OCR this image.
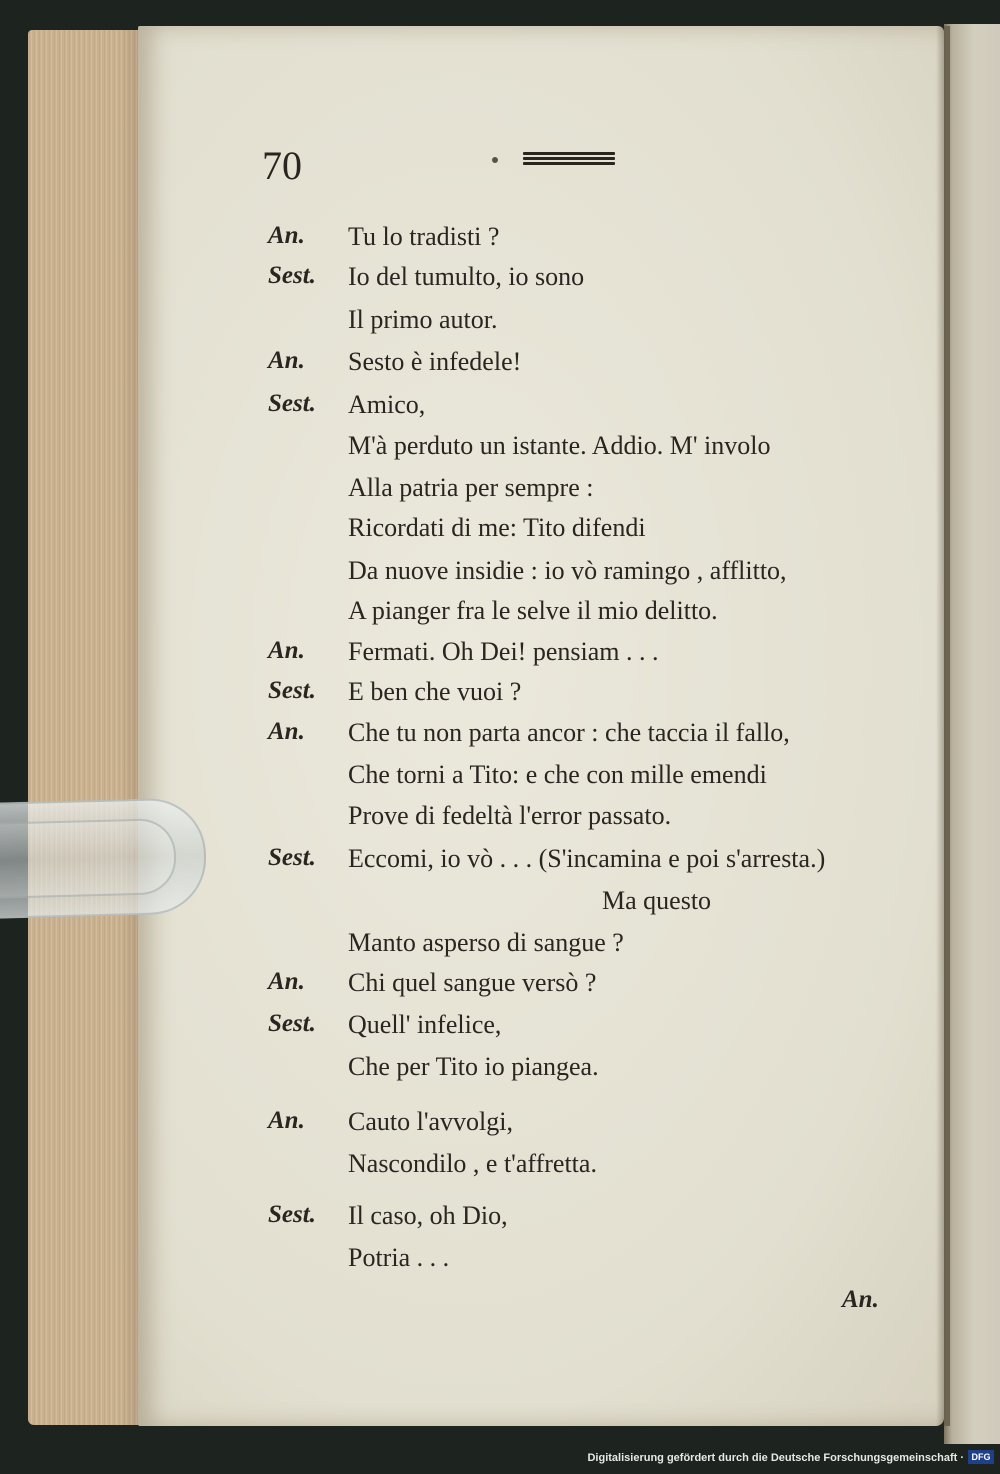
70
An. Tu lo tradisti ?
Sest. Io del tumulto, io sono
Il primo autor.
An. Sesto è infedele!
Sest. Amico,
M'à perduto un istante. Addio. M' involo
Alla patria per sempre :
Ricordati di me: Tito difendi
Da nuove insidie : io vò ramingo , afflitto,
A pianger fra le selve il mio delitto.
An. Fermati. Oh Dei! pensiam . . .
Sest. E ben che vuoi ?
An. Che tu non parta ancor : che taccia il fallo,
Che torni a Tito: e che con mille emendi
Prove di fedeltà l'error passato.
Sest. Eccomi, io vò . . . (S'incamina e poi s'arresta.)
Ma questo
Manto asperso di sangue ?
An. Chi quel sangue versò ?
Sest. Quell' infelice,
Che per Tito io piangea.
An. Cauto l'avvolgi,
Nascondilo , e t'affretta.
Sest. Il caso, oh Dio,
Potria . . .
An.
Digitalisierung gefördert durch die Deutsche Forschungsgemeinschaft · DFG
